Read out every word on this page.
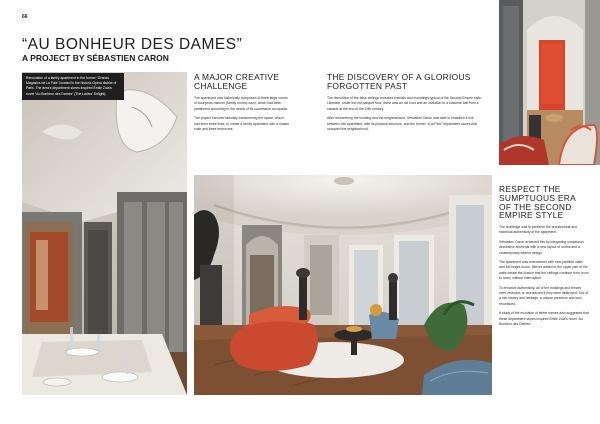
66
“AU BONHEUR DES DAMES”
A PROJECT BY SÉBASTIEN CARON
Renovation of a family apartment in the former “Grands Magasins de La Paix” located in the historic Opera district of Paris. The area's department stores inspired Émile Zola's novel “Au Bonheur des Dames” (The Ladies' Delight).
A MAJOR CREATIVE CHALLENGE

The apartment was historically composed of three large rooms of bourgeois manner (family rooms) each, which had been partitioned according to the needs of its successive occupants.

The project involved radically transforming the space, which had seen three lives, to create a family apartment with a master suite and three bedrooms.

THE DISCOVERY OF A GLORIOUS FORGOTTEN PAST

The demolition of the false ceilings revealed cherubs and mouldings typical of the Second Empire style. Likewise, under the old parquet floor, there was an old boot and an invitation to a costume ball from a cabaret at the end of the 19th century.

After researching the building and the neighborhood, Sébastien Caron was able to establish a link between this apartment, with its physical structure, and the former “A la Paix” department stores that occupied the neighborhood.

RESPECT THE SUMPTUOUS ERA OF THE SECOND EMPIRE STYLE

The challenge was to preserve the architectural and historical authenticity of the apartment.

Sébastien Caron achieved this by integrating sumptuous decorative elements with a new layout of rooms and a contemporary interior design.

The apartment was restructured with new partition walls and full-height doors. Mirrors added to the upper part of the walls create the illusion that the ceilings continue from room to room, without interruption.

To enhance authenticity, all of the moldings and friezes were restored, or reproduced if they were destroyed. Out of a rich history and heritage, a unique presence and soul resurfaced.

A study of the evolution of street names also suggested that these department stores inspired Émile Zola's novel “Au Bonheur des Dames”.
